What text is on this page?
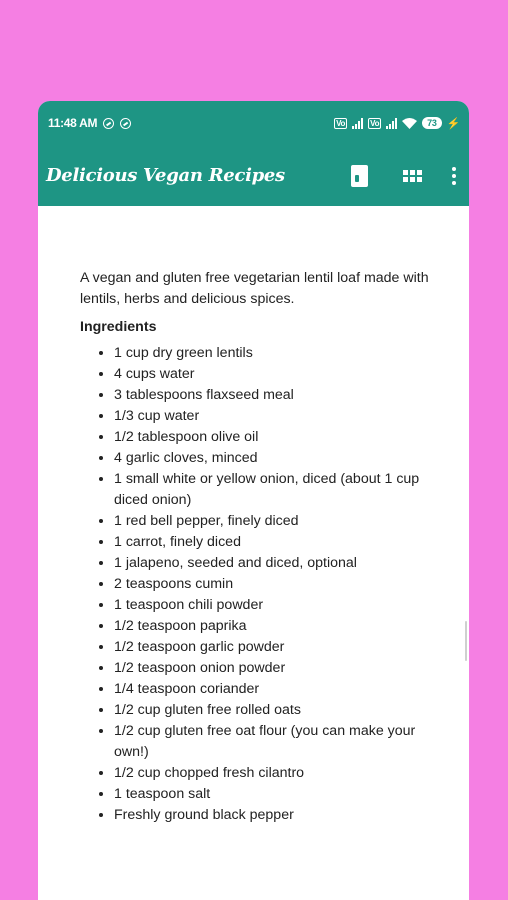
11:48 AM	Vo	Vo	73 ⚡
Delicious Vegan Recipes

A vegan and gluten free vegetarian lentil loaf made with lentils, herbs and delicious spices.

Ingredients

• 1 cup dry green lentils
• 4 cups water
• 3 tablespoons flaxseed meal
• 1/3 cup water
• 1/2 tablespoon olive oil
• 4 garlic cloves, minced
• 1 small white or yellow onion, diced (about 1 cup diced onion)
• 1 red bell pepper, finely diced
• 1 carrot, finely diced
• 1 jalapeno, seeded and diced, optional
• 2 teaspoons cumin
• 1 teaspoon chili powder
• 1/2 teaspoon paprika
• 1/2 teaspoon garlic powder
• 1/2 teaspoon onion powder
• 1/4 teaspoon coriander
• 1/2 cup gluten free rolled oats
• 1/2 cup gluten free oat flour (you can make your own!)
• 1/2 cup chopped fresh cilantro
• 1 teaspoon salt
• Freshly ground black pepper
